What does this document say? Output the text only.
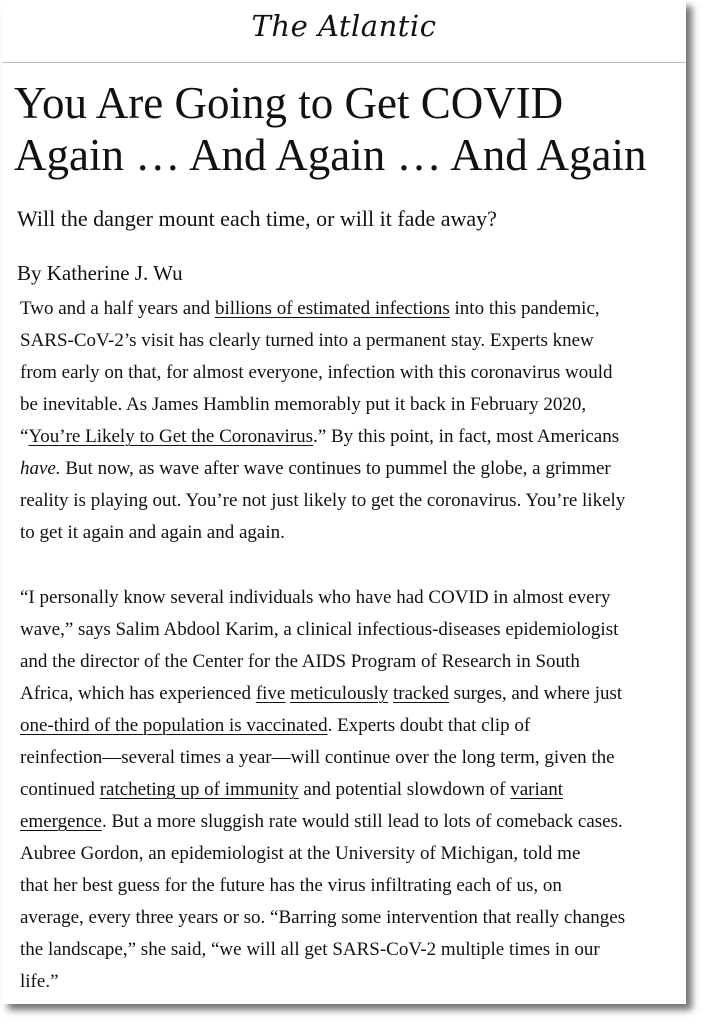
The Atlantic
You Are Going to Get COVID
Again … And Again … And Again

Will the danger mount each time, or will it fade away?

By Katherine J. Wu

Two and a half years and billions of estimated infections into this pandemic,
SARS-CoV-2’s visit has clearly turned into a permanent stay. Experts knew
from early on that, for almost everyone, infection with this coronavirus would
be inevitable. As James Hamblin memorably put it back in February 2020,
“You’re Likely to Get the Coronavirus.” By this point, in fact, most Americans
have. But now, as wave after wave continues to pummel the globe, a grimmer
reality is playing out. You’re not just likely to get the coronavirus. You’re likely
to get it again and again and again.

“I personally know several individuals who have had COVID in almost every
wave,” says Salim Abdool Karim, a clinical infectious-diseases epidemiologist
and the director of the Center for the AIDS Program of Research in South
Africa, which has experienced five meticulously tracked surges, and where just
one-third of the population is vaccinated. Experts doubt that clip of
reinfection—several times a year—will continue over the long term, given the
continued ratcheting up of immunity and potential slowdown of variant
emergence. But a more sluggish rate would still lead to lots of comeback cases.
Aubree Gordon, an epidemiologist at the University of Michigan, told me
that her best guess for the future has the virus infiltrating each of us, on
average, every three years or so. “Barring some intervention that really changes
the landscape,” she said, “we will all get SARS-CoV-2 multiple times in our
life.”
